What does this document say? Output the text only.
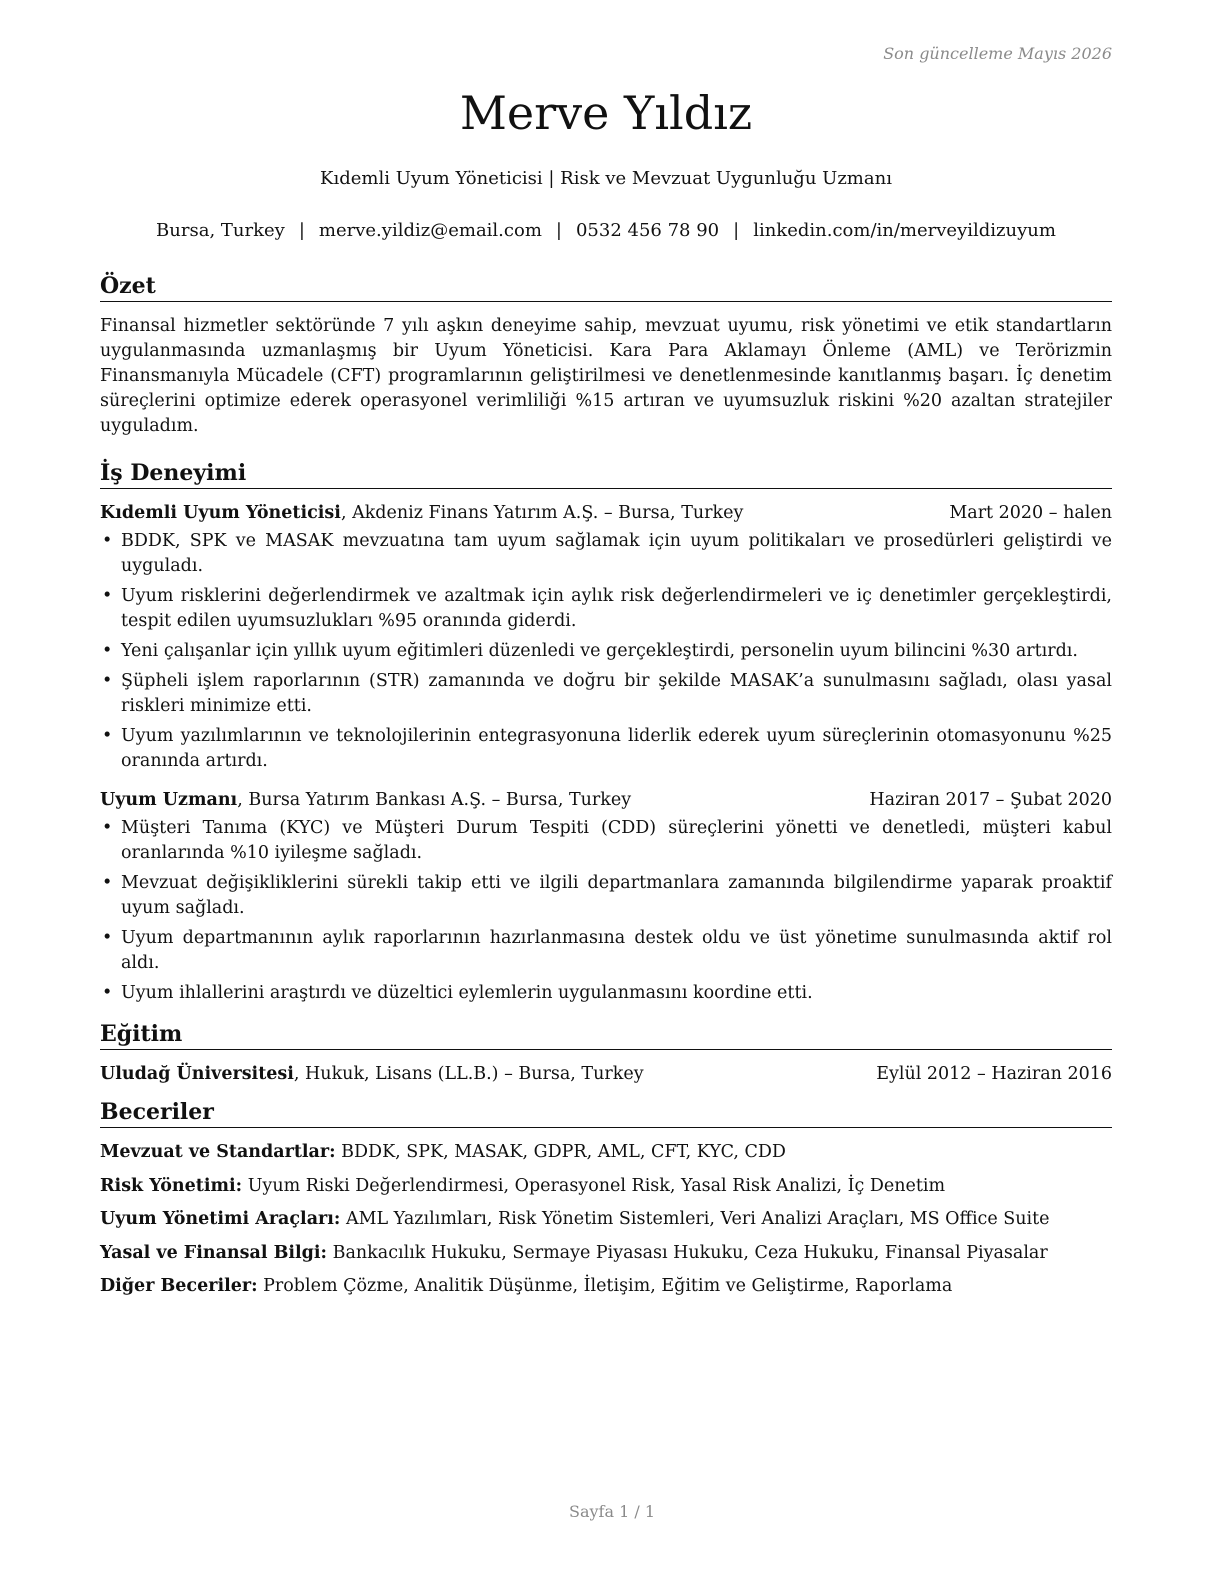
Son güncelleme Mayıs 2026
Merve Yıldız
Kıdemli Uyum Yöneticisi | Risk ve Mevzuat Uygunluğu Uzmanı
Bursa, Turkey | merve.yildiz@email.com | 0532 456 78 90 | linkedin.com/in/merveyildizuyum
Özet

Finansal hizmetler sektöründe 7 yılı aşkın deneyime sahip, mevzuat uyumu, risk yönetimi ve etik standartların uygulanmasında uzmanlaşmış bir Uyum Yöneticisi. Kara Para Aklamayı Önleme (AML) ve Terörizmin Finansmanıyla Mücadele (CFT) programlarının geliştirilmesi ve denetlenmesinde kanıtlanmış başarı. İç denetim süreçlerini optimize ederek operasyonel verimliliği %15 artıran ve uyumsuzluk riskini %20 azaltan stratejiler uyguladım.

İş Deneyimi
Kıdemli Uyum Yöneticisi, Akdeniz Finans Yatırım A.Ş. – Bursa, Turkey	Mart 2020 – halen
• BDDK, SPK ve MASAK mevzuatına tam uyum sağlamak için uyum politikaları ve prosedürleri geliştirdi ve uyguladı.
• Uyum risklerini değerlendirmek ve azaltmak için aylık risk değerlendirmeleri ve iç denetimler gerçekleştirdi, tespit edilen uyumsuzlukları %95 oranında giderdi.
• Yeni çalışanlar için yıllık uyum eğitimleri düzenledi ve gerçekleştirdi, personelin uyum bilincini %30 artırdı.
• Şüpheli işlem raporlarının (STR) zamanında ve doğru bir şekilde MASAK’a sunulmasını sağladı, olası yasal riskleri minimize etti.
• Uyum yazılımlarının ve teknolojilerinin entegrasyonuna liderlik ederek uyum süreçlerinin otomasyonunu %25 oranında artırdı.
Uyum Uzmanı, Bursa Yatırım Bankası A.Ş. – Bursa, Turkey	Haziran 2017 – Şubat 2020
• Müşteri Tanıma (KYC) ve Müşteri Durum Tespiti (CDD) süreçlerini yönetti ve denetledi, müşteri kabul oranlarında %10 iyileşme sağladı.
• Mevzuat değişikliklerini sürekli takip etti ve ilgili departmanlara zamanında bilgilendirme yaparak proaktif uyum sağladı.
• Uyum departmanının aylık raporlarının hazırlanmasına destek oldu ve üst yönetime sunulmasında aktif rol aldı.
• Uyum ihlallerini araştırdı ve düzeltici eylemlerin uygulanmasını koordine etti.
Eğitim
Uludağ Üniversitesi, Hukuk, Lisans (LL.B.) – Bursa, Turkey	Eylül 2012 – Haziran 2016
Beceriler
Mevzuat ve Standartlar: BDDK, SPK, MASAK, GDPR, AML, CFT, KYC, CDD
Risk Yönetimi: Uyum Riski Değerlendirmesi, Operasyonel Risk, Yasal Risk Analizi, İç Denetim
Uyum Yönetimi Araçları: AML Yazılımları, Risk Yönetim Sistemleri, Veri Analizi Araçları, MS Office Suite
Yasal ve Finansal Bilgi: Bankacılık Hukuku, Sermaye Piyasası Hukuku, Ceza Hukuku, Finansal Piyasalar
Diğer Beceriler: Problem Çözme, Analitik Düşünme, İletişim, Eğitim ve Geliştirme, Raporlama
Sayfa 1 / 1
